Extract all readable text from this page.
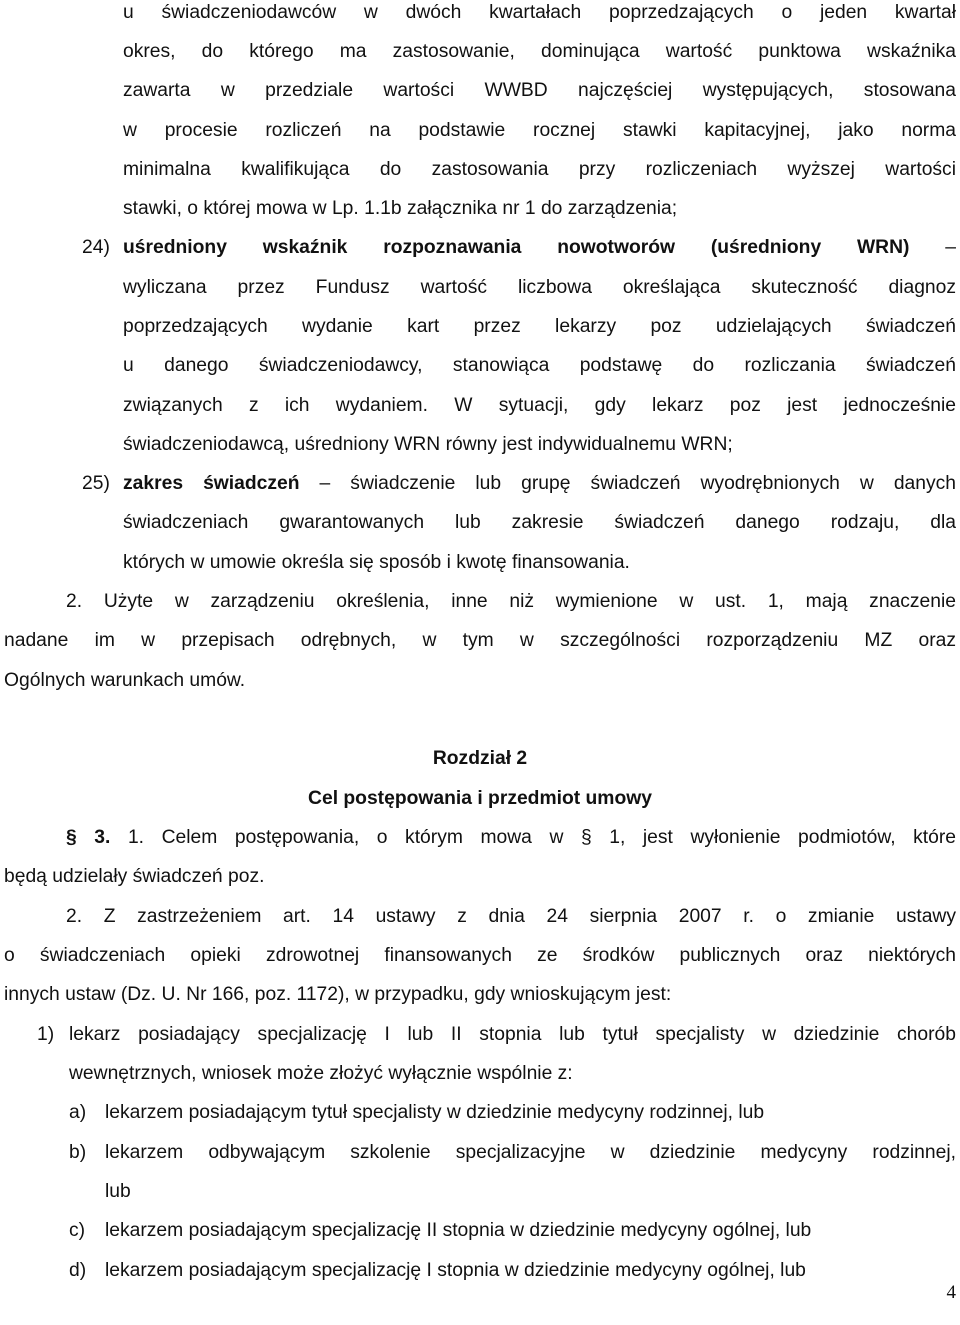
u świadczeniodawców w dwóch kwartałach poprzedzających o jeden kwartał
okres, do którego ma zastosowanie, dominująca wartość punktowa wskaźnika
zawarta w przedziale wartości WWBD najczęściej występujących, stosowana
w procesie rozliczeń na podstawie rocznej stawki kapitacyjnej, jako norma
minimalna kwalifikująca do zastosowania przy rozliczeniach wyższej wartości
stawki, o której mowa w Lp. 1.1b załącznika nr 1 do zarządzenia;
24) uśredniony wskaźnik rozpoznawania nowotworów (uśredniony WRN) –
wyliczana przez Fundusz wartość liczbowa określająca skuteczność diagnoz
poprzedzających wydanie kart przez lekarzy poz udzielających świadczeń
u danego świadczeniodawcy, stanowiąca podstawę do rozliczania świadczeń
związanych z ich wydaniem. W sytuacji, gdy lekarz poz jest jednocześnie
świadczeniodawcą, uśredniony WRN równy jest indywidualnemu WRN;
25) zakres świadczeń – świadczenie lub grupę świadczeń wyodrębnionych w danych
świadczeniach gwarantowanych lub zakresie świadczeń danego rodzaju, dla
których w umowie określa się sposób i kwotę finansowania.
2. Użyte w zarządzeniu określenia, inne niż wymienione w ust. 1, mają znaczenie
nadane im w przepisach odrębnych, w tym w szczególności rozporządzeniu MZ oraz
Ogólnych warunkach umów.
Rozdział 2
Cel postępowania i przedmiot umowy
§ 3. 1. Celem postępowania, o którym mowa w § 1, jest wyłonienie podmiotów, które
będą udzielały świadczeń poz.
2. Z zastrzeżeniem art. 14 ustawy z dnia 24 sierpnia 2007 r. o zmianie ustawy
o świadczeniach opieki zdrowotnej finansowanych ze środków publicznych oraz niektórych
innych ustaw (Dz. U. Nr 166, poz. 1172), w przypadku, gdy wnioskującym jest:
1) lekarz posiadający specjalizację I lub II stopnia lub tytuł specjalisty w dziedzinie chorób
wewnętrznych, wniosek może złożyć wyłącznie wspólnie z:
a) lekarzem posiadającym tytuł specjalisty w dziedzinie medycyny rodzinnej, lub
b) lekarzem odbywającym szkolenie specjalizacyjne w dziedzinie medycyny rodzinnej,
lub
c) lekarzem posiadającym specjalizację II stopnia w dziedzinie medycyny ogólnej, lub
d) lekarzem posiadającym specjalizację I stopnia w dziedzinie medycyny ogólnej, lub
4
